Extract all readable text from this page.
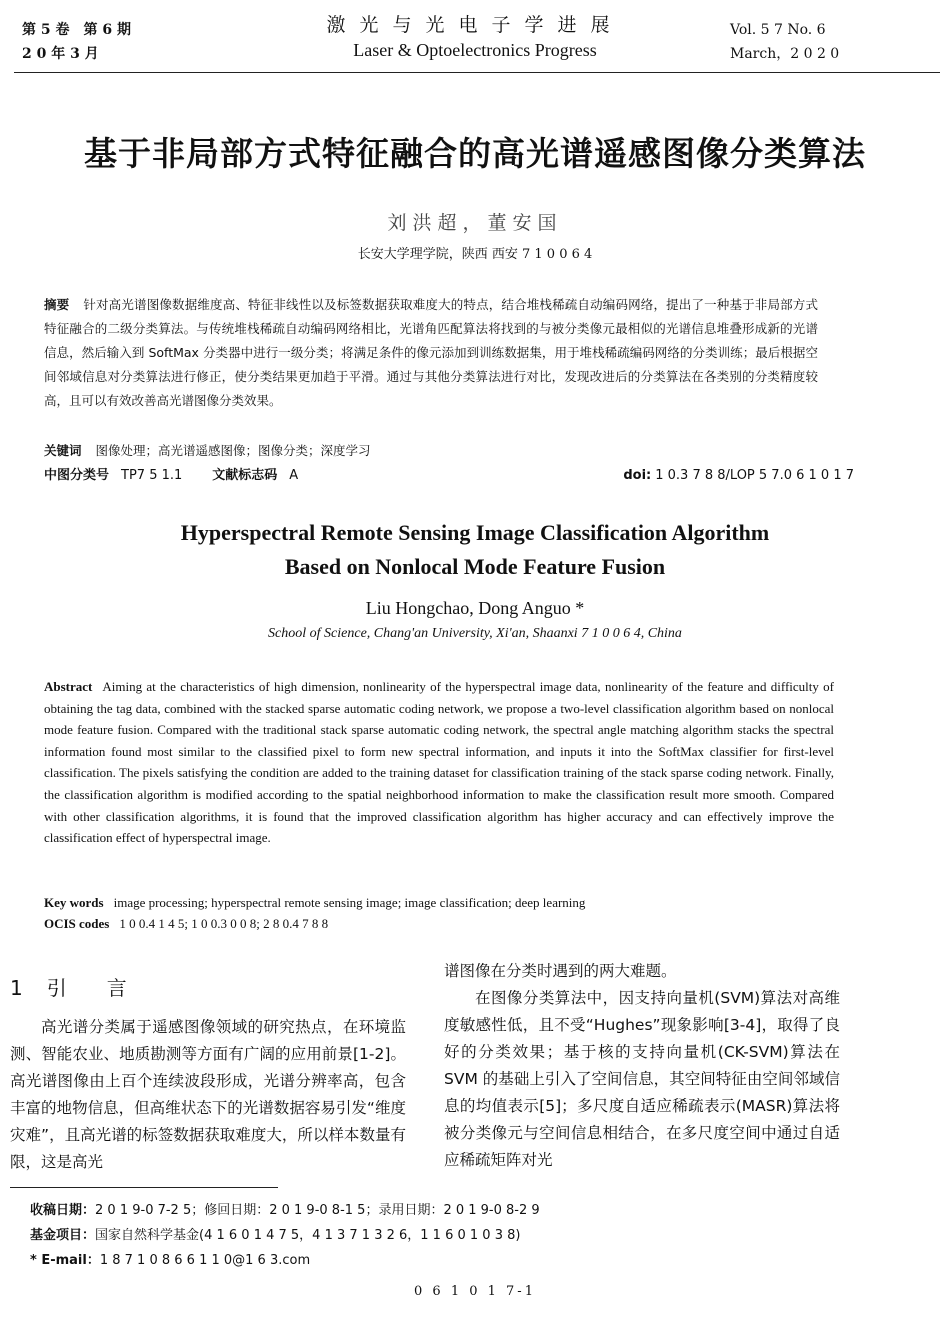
第 5 卷　第 6 期
2 0 年 3 月
激光与光电子学进展
Laser & Optoelectronics Progress
Vol. 5 7 No. 6
March，2 0 2 0
基于非局部方式特征融合的高光谱遥感图像分类算法
刘洪超，董安国
长安大学理学院，陕西 西安 7 1 0 0 6 4
摘要 针对高光谱图像数据维度高、特征非线性以及标签数据获取难度大的特点，结合堆栈稀疏自动编码网络，提出了一种基于非局部方式特征融合的二级分类算法。与传统堆栈稀疏自动编码网络相比，光谱角匹配算法将找到的与被分类像元最相似的光谱信息堆叠形成新的光谱信息，然后输入到 SoftMax 分类器中进行一级分类；将满足条件的像元添加到训练数据集，用于堆栈稀疏编码网络的分类训练；最后根据空间邻域信息对分类算法进行修正，使分类结果更加趋于平滑。通过与其他分类算法进行对比，发现改进后的分类算法在各类别的分类精度较高，且可以有效改善高光谱图像分类效果。
关键词 图像处理；高光谱遥感图像；图像分类；深度学习
中图分类号 TP7 5 1.1 文献标志码 A	doi: 1 0.3 7 8 8/LOP 5 7.0 6 1 0 1 7
Hyperspectral Remote Sensing Image Classification Algorithm
Based on Nonlocal Mode Feature Fusion
Liu Hongchao, Dong Anguo *
School of Science, Chang'an University, Xi'an, Shaanxi 7 1 0 0 6 4, China
Abstract Aiming at the characteristics of high dimension, nonlinearity of the hyperspectral image data, nonlinearity of the feature and difficulty of obtaining the tag data, combined with the stacked sparse automatic coding network, we propose a two-level classification algorithm based on nonlocal mode feature fusion. Compared with the traditional stack sparse automatic coding network, the spectral angle matching algorithm stacks the spectral information found most similar to the classified pixel to form new spectral information, and inputs it into the SoftMax classifier for first-level classification. The pixels satisfying the condition are added to the training dataset for classification training of the stack sparse coding network. Finally, the classification algorithm is modified according to the spatial neighborhood information to make the classification result more smooth. Compared with other classification algorithms, it is found that the improved classification algorithm has higher accuracy and can effectively improve the classification effect of hyperspectral image.
Key words image processing; hyperspectral remote sensing image; image classification; deep learning
OCIS codes 1 0 0.4 1 4 5; 1 0 0.3 0 0 8; 2 8 0.4 7 8 8
1 引言

高光谱分类属于遥感图像领域的研究热点，在环境监测、智能农业、地质勘测等方面有广阔的应用前景[1-2]。高光谱图像由上百个连续波段形成，光谱分辨率高，包含丰富的地物信息，但高维状态下的光谱数据容易引发“维度灾难”，且高光谱的标签数据获取难度大，所以样本数量有限，这是高光

谱图像在分类时遇到的两大难题。

在图像分类算法中，因支持向量机(SVM)算法对高维度敏感性低，且不受“Hughes”现象影响[3-4]，取得了良好的分类效果；基于核的支持向量机(CK-SVM)算法在 SVM 的基础上引入了空间信息，其空间特征由空间邻域信息的均值表示[5]；多尺度自适应稀疏表示(MASR)算法将被分类像元与空间信息相结合，在多尺度空间中通过自适应稀疏矩阵对光

收稿日期：2 0 1 9-0 7-2 5；修回日期：2 0 1 9-0 8-1 5；录用日期：2 0 1 9-0 8-2 9
基金项目：国家自然科学基金(4 1 6 0 1 4 7 5，4 1 3 7 1 3 2 6，1 1 6 0 1 0 3 8)
* E-mail：1 8 7 1 0 8 6 6 1 1 0@1 6 3.com
0 6 1 0 1 7-1
